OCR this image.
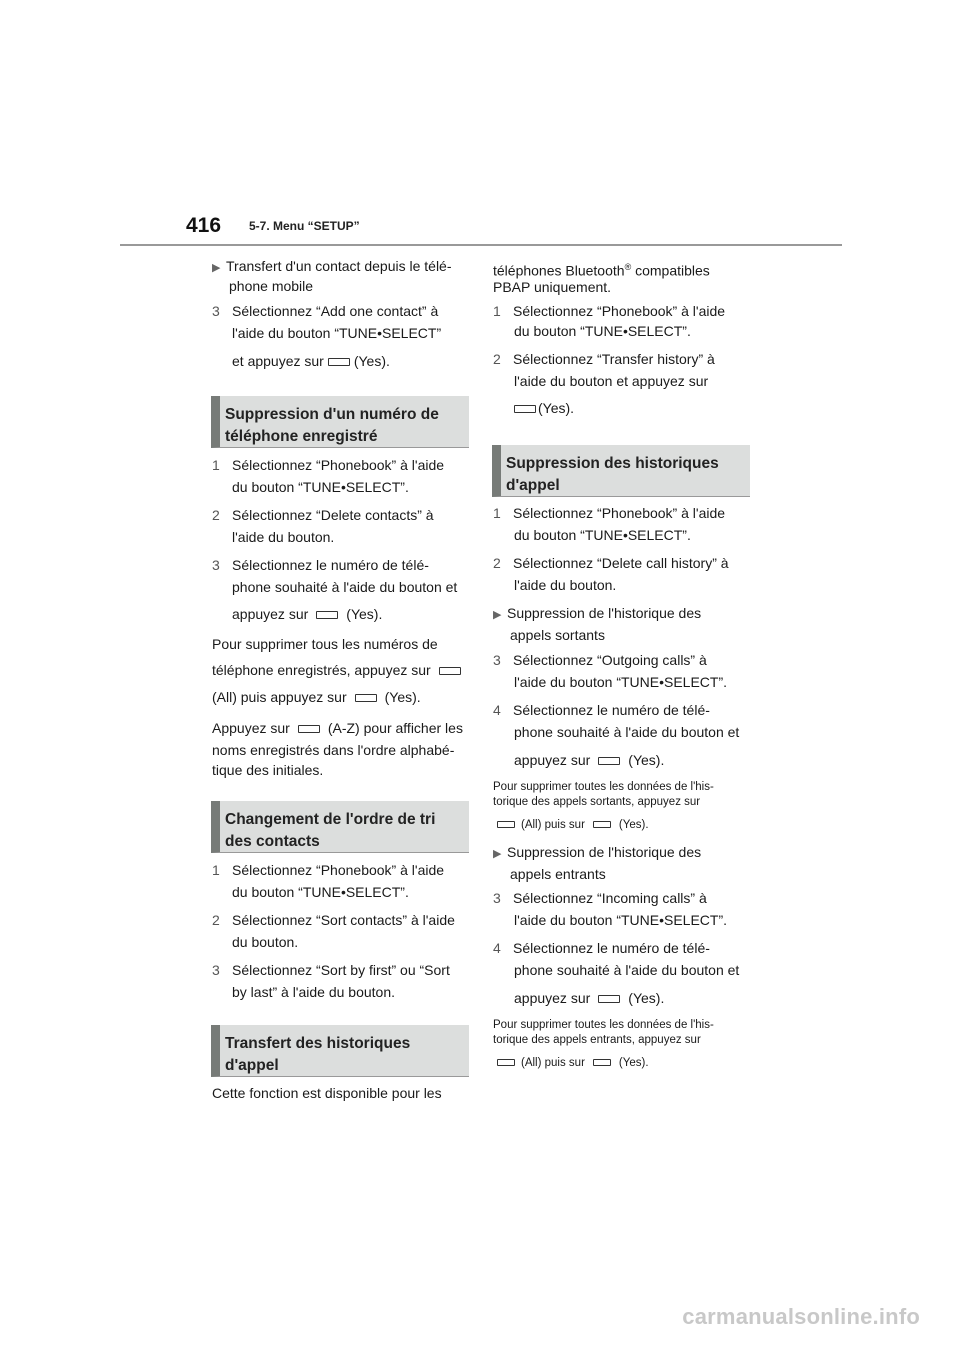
416 5-7. Menu “SETUP”
▶ Transfert d'un contact depuis le télé-
phone mobile
3 Sélectionnez “Add one contact” à
l'aide du bouton “TUNE•SELECT”
et appuyez sur (Yes).
Suppression d'un numéro de
téléphone enregistré
1 Sélectionnez “Phonebook” à l'aide
du bouton “TUNE•SELECT”.
2 Sélectionnez “Delete contacts” à
l'aide du bouton.
3 Sélectionnez le numéro de télé-
phone souhaité à l'aide du bouton et
appuyez sur	(Yes).
Pour supprimer tous les numéros de
téléphone enregistrés, appuyez sur
(All) puis appuyez sur	(Yes).
Appuyez sur	(A-Z) pour afficher les
noms enregistrés dans l'ordre alphabé-
tique des initiales.
Changement de l'ordre de tri
des contacts
1 Sélectionnez “Phonebook” à l'aide
du bouton “TUNE•SELECT”.
2 Sélectionnez “Sort contacts” à l'aide
du bouton.
3 Sélectionnez “Sort by first” ou “Sort
by last” à l'aide du bouton.
Transfert des historiques
d'appel
Cette fonction est disponible pour les
téléphones Bluetooth® compatibles
PBAP uniquement.
1 Sélectionnez “Phonebook” à l'aide
du bouton “TUNE•SELECT”.
2 Sélectionnez “Transfer history” à
l'aide du bouton et appuyez sur
(Yes).
Suppression des historiques
d'appel
1 Sélectionnez “Phonebook” à l'aide
du bouton “TUNE•SELECT”.
2 Sélectionnez “Delete call history” à
l'aide du bouton.
▶ Suppression de l'historique des
appels sortants
3 Sélectionnez “Outgoing calls” à
l'aide du bouton “TUNE•SELECT”.
4 Sélectionnez le numéro de télé-
phone souhaité à l'aide du bouton et
appuyez sur	(Yes).
Pour supprimer toutes les données de l'his-
torique des appels sortants, appuyez sur
(All) puis sur	(Yes).
▶ Suppression de l'historique des
appels entrants
3 Sélectionnez “Incoming calls” à
l'aide du bouton “TUNE•SELECT”.
4 Sélectionnez le numéro de télé-
phone souhaité à l'aide du bouton et
appuyez sur	(Yes).
Pour supprimer toutes les données de l'his-
torique des appels entrants, appuyez sur
(All) puis sur	(Yes).
carmanualsonline.info
